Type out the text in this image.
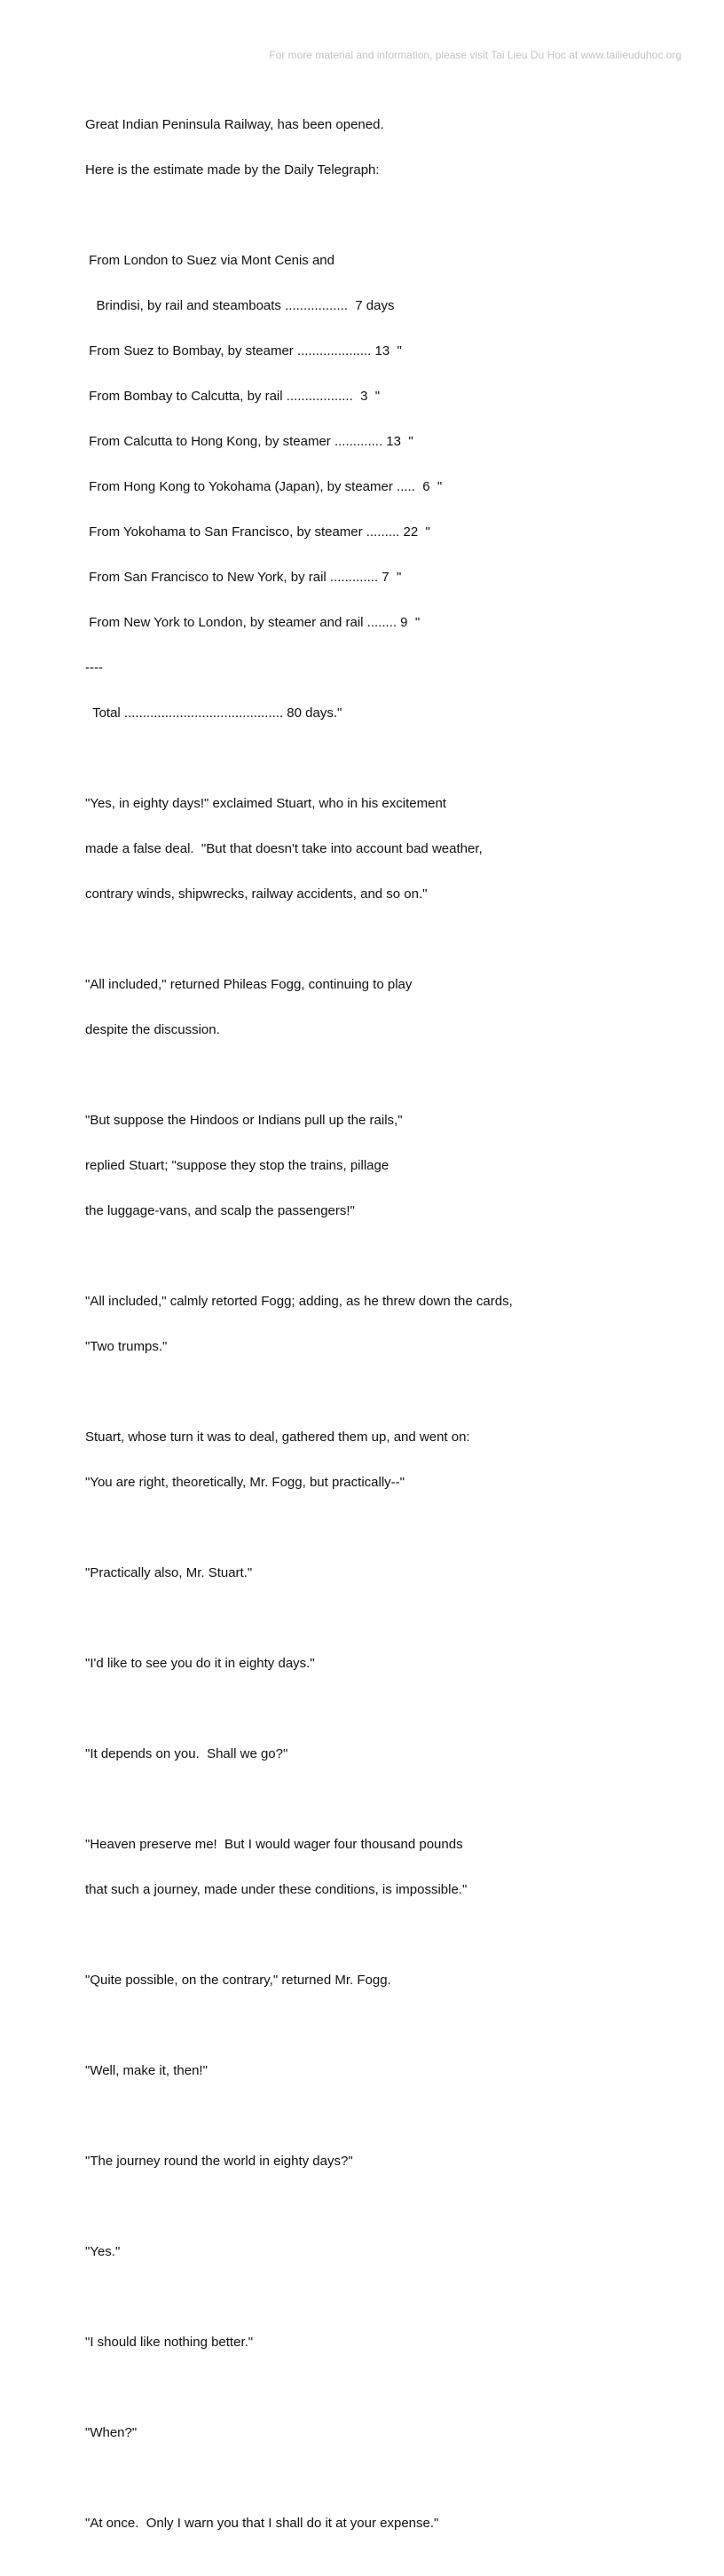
For more material and information, please visit Tai Lieu Du Hoc at www.tailieuduhoc.org

Great Indian Peninsula Railway, has been opened.

Here is the estimate made by the Daily Telegraph:

From London to Suez via Mont Cenis and

Brindisi, by rail and steamboats .................  7 days

From Suez to Bombay, by steamer .................... 13  "

From Bombay to Calcutta, by rail ..................  3  "

From Calcutta to Hong Kong, by steamer ............. 13  "

From Hong Kong to Yokohama (Japan), by steamer .....  6  "

From Yokohama to San Francisco, by steamer ......... 22  "

From San Francisco to New York, by rail ............. 7  "

From New York to London, by steamer and rail ........ 9  "

----

Total ........................................... 80 days."

"Yes, in eighty days!" exclaimed Stuart, who in his excitement

made a false deal.  "But that doesn't take into account bad weather,

contrary winds, shipwrecks, railway accidents, and so on."

"All included," returned Phileas Fogg, continuing to play

despite the discussion.

"But suppose the Hindoos or Indians pull up the rails,"

replied Stuart; "suppose they stop the trains, pillage

the luggage-vans, and scalp the passengers!"

"All included," calmly retorted Fogg; adding, as he threw down the cards,

"Two trumps."

Stuart, whose turn it was to deal, gathered them up, and went on:

"You are right, theoretically, Mr. Fogg, but practically--"

"Practically also, Mr. Stuart."

"I'd like to see you do it in eighty days."

"It depends on you.  Shall we go?"

"Heaven preserve me!  But I would wager four thousand pounds

that such a journey, made under these conditions, is impossible."

"Quite possible, on the contrary," returned Mr. Fogg.

"Well, make it, then!"

"The journey round the world in eighty days?"

"Yes."

"I should like nothing better."

"When?"

"At once.  Only I warn you that I shall do it at your expense."
